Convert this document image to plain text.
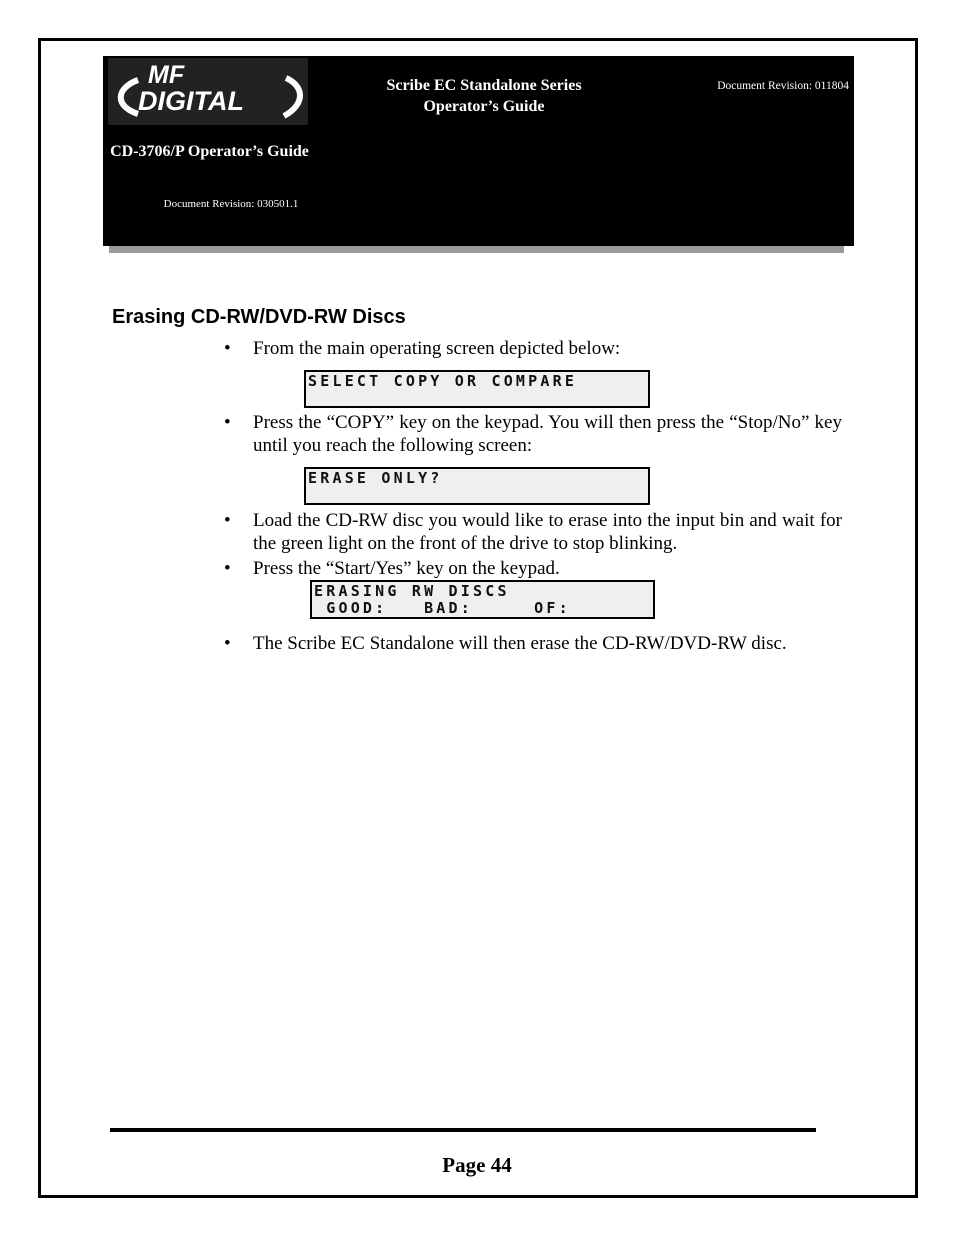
MF
DIGITAL
CD-3706/P Operator’s Guide
Document Revision: 030501.1
Scribe EC Standalone Series
Operator’s Guide
Document Revision: 011804
Erasing CD-RW/DVD-RW Discs
• From the main operating screen depicted below:
SELECT COPY OR COMPARE
• Press the “COPY” key on the keypad. You will then press the “Stop/No” key until you reach the following screen:
ERASE ONLY?
• Load the CD-RW disc you would like to erase into the input bin and wait for the green light on the front of the drive to stop blinking.
• Press the “Start/Yes” key on the keypad.
ERASING RW DISCS
GOOD:   BAD:     OF:
• The Scribe EC Standalone will then erase the CD-RW/DVD-RW disc.
Page 44
